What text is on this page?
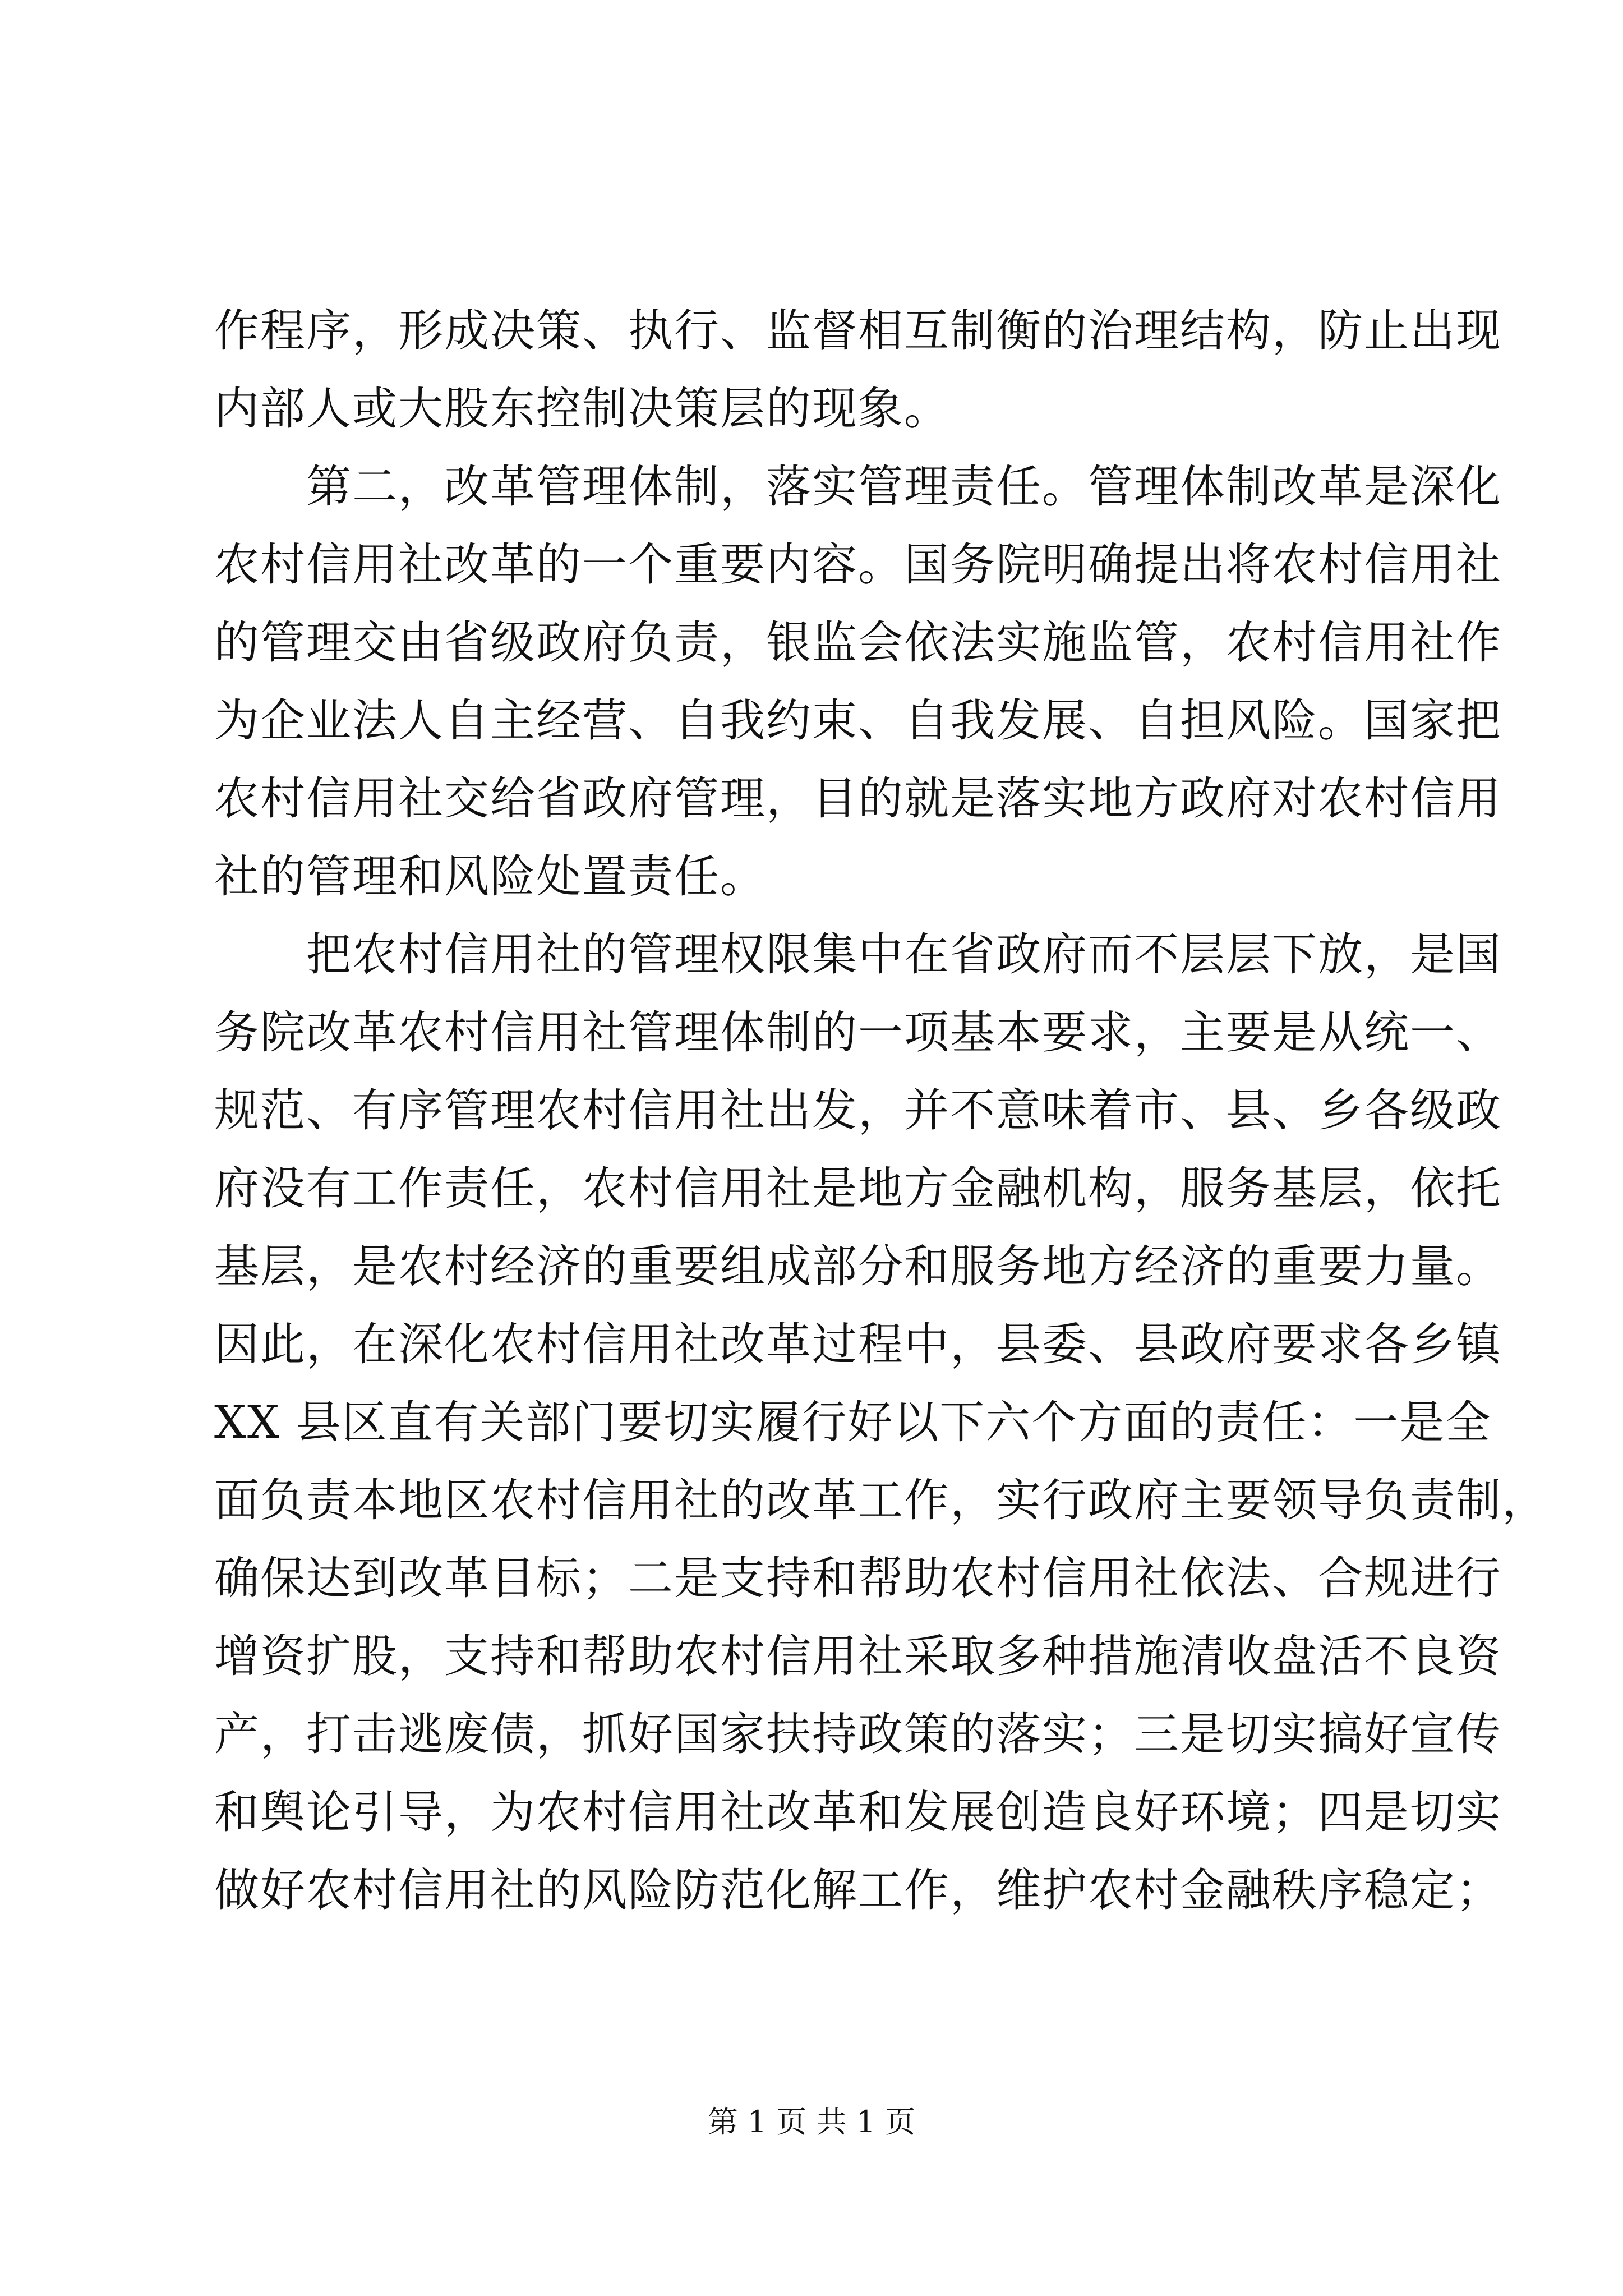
作程序，形成决策、执行、监督相互制衡的治理结构，防止出现
内部人或大股东控制决策层的现象。
　　第二，改革管理体制，落实管理责任。管理体制改革是深化
农村信用社改革的一个重要内容。国务院明确提出将农村信用社
的管理交由省级政府负责，银监会依法实施监管，农村信用社作
为企业法人自主经营、自我约束、自我发展、自担风险。国家把
农村信用社交给省政府管理，目的就是落实地方政府对农村信用
社的管理和风险处置责任。
　　把农村信用社的管理权限集中在省政府而不层层下放，是国
务院改革农村信用社管理体制的一项基本要求，主要是从统一、
规范、有序管理农村信用社出发，并不意味着市、县、乡各级政
府没有工作责任，农村信用社是地方金融机构，服务基层，依托
基层，是农村经济的重要组成部分和服务地方经济的重要力量。
因此，在深化农村信用社改革过程中，县委、县政府要求各乡镇
XX 县区直有关部门要切实履行好以下六个方面的责任：一是全
面负责本地区农村信用社的改革工作，实行政府主要领导负责制，
确保达到改革目标；二是支持和帮助农村信用社依法、合规进行
增资扩股，支持和帮助农村信用社采取多种措施清收盘活不良资
产，打击逃废债，抓好国家扶持政策的落实；三是切实搞好宣传
和舆论引导，为农村信用社改革和发展创造良好环境；四是切实
做好农村信用社的风险防范化解工作，维护农村金融秩序稳定；
第 1 页 共 1 页
